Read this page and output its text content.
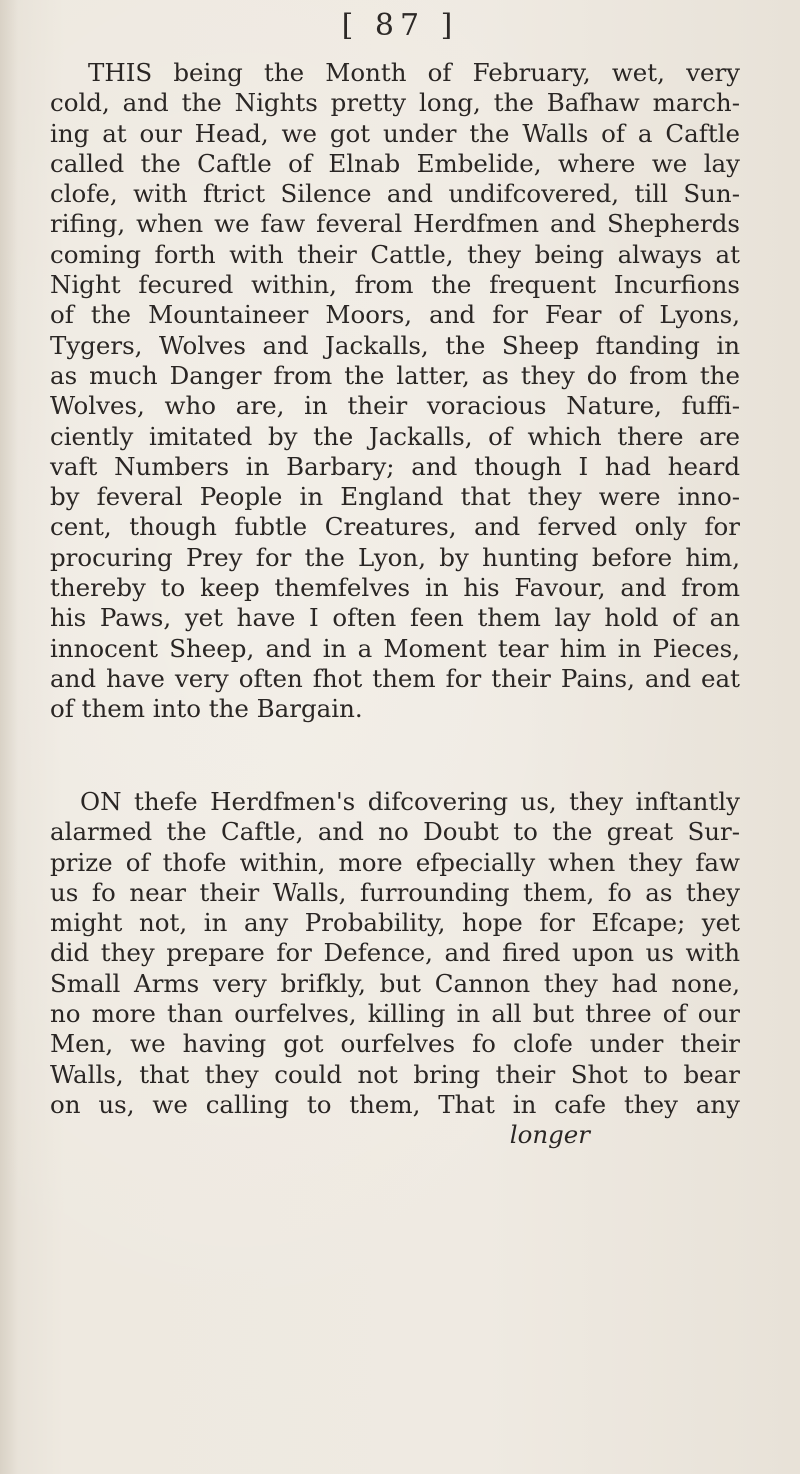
[ 87 ]
THIS being the Month of February, wet, very
cold, and the Nights pretty long, the Bafhaw march-
ing at our Head, we got under the Walls of a Caftle
called the Caftle of Elnab Embelide, where we lay
clofe, with ftrict Silence and undifcovered, till Sun-
rifing, when we faw feveral Herdfmen and Shepherds
coming forth with their Cattle, they being always at
Night fecured within, from the frequent Incurfions
of the Mountaineer Moors, and for Fear of Lyons,
Tygers, Wolves and Jackalls, the Sheep ftanding in
as much Danger from the latter, as they do from the
Wolves, who are, in their voracious Nature, fuffi-
ciently imitated by the Jackalls, of which there are
vaft Numbers in Barbary; and though I had heard
by feveral People in England that they were inno-
cent, though fubtle Creatures, and ferved only for
procuring Prey for the Lyon, by hunting before him,
thereby to keep themfelves in his Favour, and from
his Paws, yet have I often feen them lay hold of an
innocent Sheep, and in a Moment tear him in Pieces,
and have very often fhot them for their Pains, and eat
of them into the Bargain.
ON thefe Herdfmen's difcovering us, they inftantly
alarmed the Caftle, and no Doubt to the great Sur-
prize of thofe within, more efpecially when they faw
us fo near their Walls, furrounding them, fo as they
might not, in any Probability, hope for Efcape; yet
did they prepare for Defence, and fired upon us with
Small Arms very brifkly, but Cannon they had none,
no more than ourfelves, killing in all but three of our
Men, we having got ourfelves fo clofe under their
Walls, that they could not bring their Shot to bear
on us, we calling to them, That in cafe they any
longer
